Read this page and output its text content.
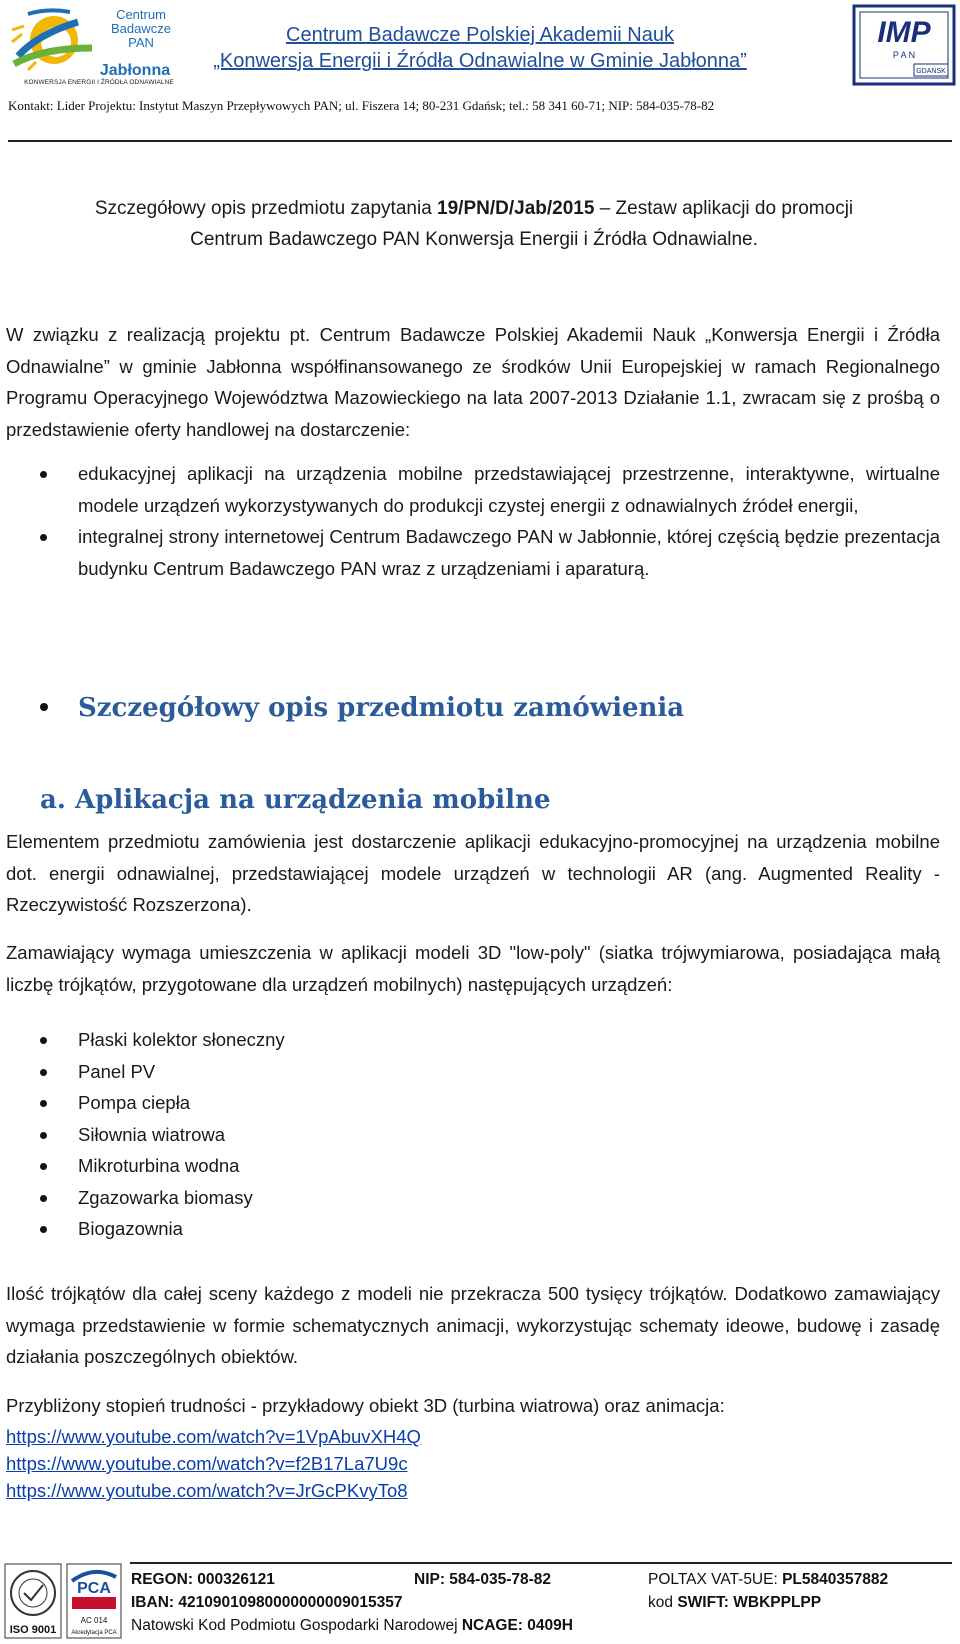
Centrum
Badawcze
PAN
Jabłonna
KONWERSJA ENERGII I ŹRÓDŁA ODNAWIALNE
Centrum Badawcze Polskiej Akademii Nauk
„Konwersja Energii i Źródła Odnawialne w Gminie Jabłonna”
IMP
P A N
GDAŃSK
Kontakt: Lider Projektu: Instytut Maszyn Przepływowych PAN; ul. Fiszera 14; 80-231 Gdańsk; tel.: 58 341 60-71; NIP: 584-035-78-82
Szczegółowy opis przedmiotu zapytania 19/PN/D/Jab/2015 – Zestaw aplikacji do promocji
Centrum Badawczego PAN Konwersja Energii i Źródła Odnawialne.
W związku z realizacją projektu pt. Centrum Badawcze Polskiej Akademii Nauk „Konwersja Energii i Źródła Odnawialne” w gminie Jabłonna współfinansowanego ze środków Unii Europejskiej w ramach Regionalnego Programu Operacyjnego Województwa Mazowieckiego na lata 2007-2013 Działanie 1.1, zwracam się z prośbą o przedstawienie oferty handlowej na dostarczenie:
edukacyjnej aplikacji na urządzenia mobilne przedstawiającej przestrzenne, interaktywne, wirtualne modele urządzeń wykorzystywanych do produkcji czystej energii z odnawialnych źródeł energii,
integralnej strony internetowej Centrum Badawczego PAN w Jabłonnie, której częścią będzie prezentacja budynku Centrum Badawczego PAN wraz z urządzeniami i aparaturą.
Szczegółowy opis przedmiotu zamówienia
a. Aplikacja na urządzenia mobilne
Elementem przedmiotu zamówienia jest dostarczenie aplikacji edukacyjno-promocyjnej na urządzenia mobilne dot. energii odnawialnej, przedstawiającej modele urządzeń w technologii AR (ang. Augmented Reality - Rzeczywistość Rozszerzona).
Zamawiający wymaga umieszczenia w aplikacji modeli 3D "low-poly" (siatka trójwymiarowa, posiadająca małą liczbę trójkątów, przygotowane dla urządzeń mobilnych) następujących urządzeń:
Płaski kolektor słoneczny
Panel PV
Pompa ciepła
Siłownia wiatrowa
Mikroturbina wodna
Zgazowarka biomasy
Biogazownia
Ilość trójkątów dla całej sceny każdego z modeli nie przekracza 500 tysięcy trójkątów. Dodatkowo zamawiający wymaga przedstawienie w formie schematycznych animacji, wykorzystując schematy ideowe, budowę i zasadę działania poszczególnych obiektów.
Przybliżony stopień trudności - przykładowy obiekt 3D (turbina wiatrowa) oraz animacja:
https://www.youtube.com/watch?v=1VpAbuvXH4Q
https://www.youtube.com/watch?v=f2B17La7U9c
https://www.youtube.com/watch?v=JrGcPKvyTo8
ISO 9001
PCA
AC 014
Akredytacja PCA
REGON: 000326121	NIP: 584-035-78-82	POLTAX VAT-5UE: PL5840357882
IBAN: 42109010980000000009015357	kod SWIFT: WBKPPLPP
Natowski Kod Podmiotu Gospodarki Narodowej NCAGE: 0409H
